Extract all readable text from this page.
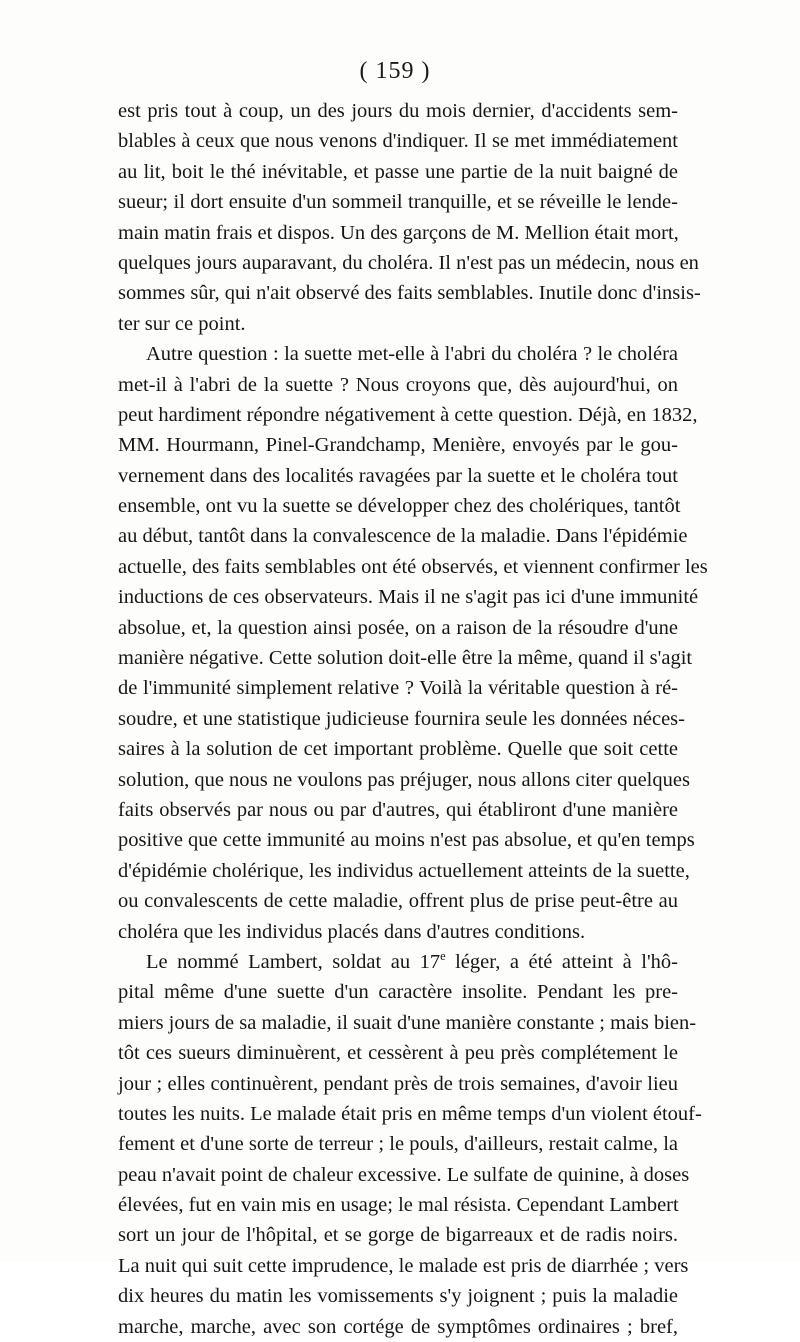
( 159 )
est pris tout à coup, un des jours du mois dernier, d'accidents sem-
blables à ceux que nous venons d'indiquer. Il se met immédiatement
au lit, boit le thé inévitable, et passe une partie de la nuit baigné de
sueur; il dort ensuite d'un sommeil tranquille, et se réveille le lende-
main matin frais et dispos. Un des garçons de M. Mellion était mort,
quelques jours auparavant, du choléra. Il n'est pas un médecin, nous en
sommes sûr, qui n'ait observé des faits semblables. Inutile donc d'insis-
ter sur ce point.
Autre question : la suette met-elle à l'abri du choléra ? le choléra
met-il à l'abri de la suette ? Nous croyons que, dès aujourd'hui, on
peut hardiment répondre négativement à cette question. Déjà, en 1832,
MM. Hourmann, Pinel-Grandchamp, Menière, envoyés par le gou-
vernement dans des localités ravagées par la suette et le choléra tout
ensemble, ont vu la suette se développer chez des cholériques, tantôt
au début, tantôt dans la convalescence de la maladie. Dans l'épidémie
actuelle, des faits semblables ont été observés, et viennent confirmer les
inductions de ces observateurs. Mais il ne s'agit pas ici d'une immunité
absolue, et, la question ainsi posée, on a raison de la résoudre d'une
manière négative. Cette solution doit-elle être la même, quand il s'agit
de l'immunité simplement relative ? Voilà la véritable question à ré-
soudre, et une statistique judicieuse fournira seule les données néces-
saires à la solution de cet important problème. Quelle que soit cette
solution, que nous ne voulons pas préjuger, nous allons citer quelques
faits observés par nous ou par d'autres, qui établiront d'une manière
positive que cette immunité au moins n'est pas absolue, et qu'en temps
d'épidémie cholérique, les individus actuellement atteints de la suette,
ou convalescents de cette maladie, offrent plus de prise peut-être au
choléra que les individus placés dans d'autres conditions.
Le nommé Lambert, soldat au 17e léger, a été atteint à l'hô-
pital même d'une suette d'un caractère insolite. Pendant les pre-
miers jours de sa maladie, il suait d'une manière constante ; mais bien-
tôt ces sueurs diminuèrent, et cessèrent à peu près complétement le
jour ; elles continuèrent, pendant près de trois semaines, d'avoir lieu
toutes les nuits. Le malade était pris en même temps d'un violent étouf-
fement et d'une sorte de terreur ; le pouls, d'ailleurs, restait calme, la
peau n'avait point de chaleur excessive. Le sulfate de quinine, à doses
élevées, fut en vain mis en usage; le mal résista. Cependant Lambert
sort un jour de l'hôpital, et se gorge de bigarreaux et de radis noirs.
La nuit qui suit cette imprudence, le malade est pris de diarrhée ; vers
dix heures du matin les vomissements s'y joignent ; puis la maladie
marche, marche, avec son cortége de symptômes ordinaires ; bref,
